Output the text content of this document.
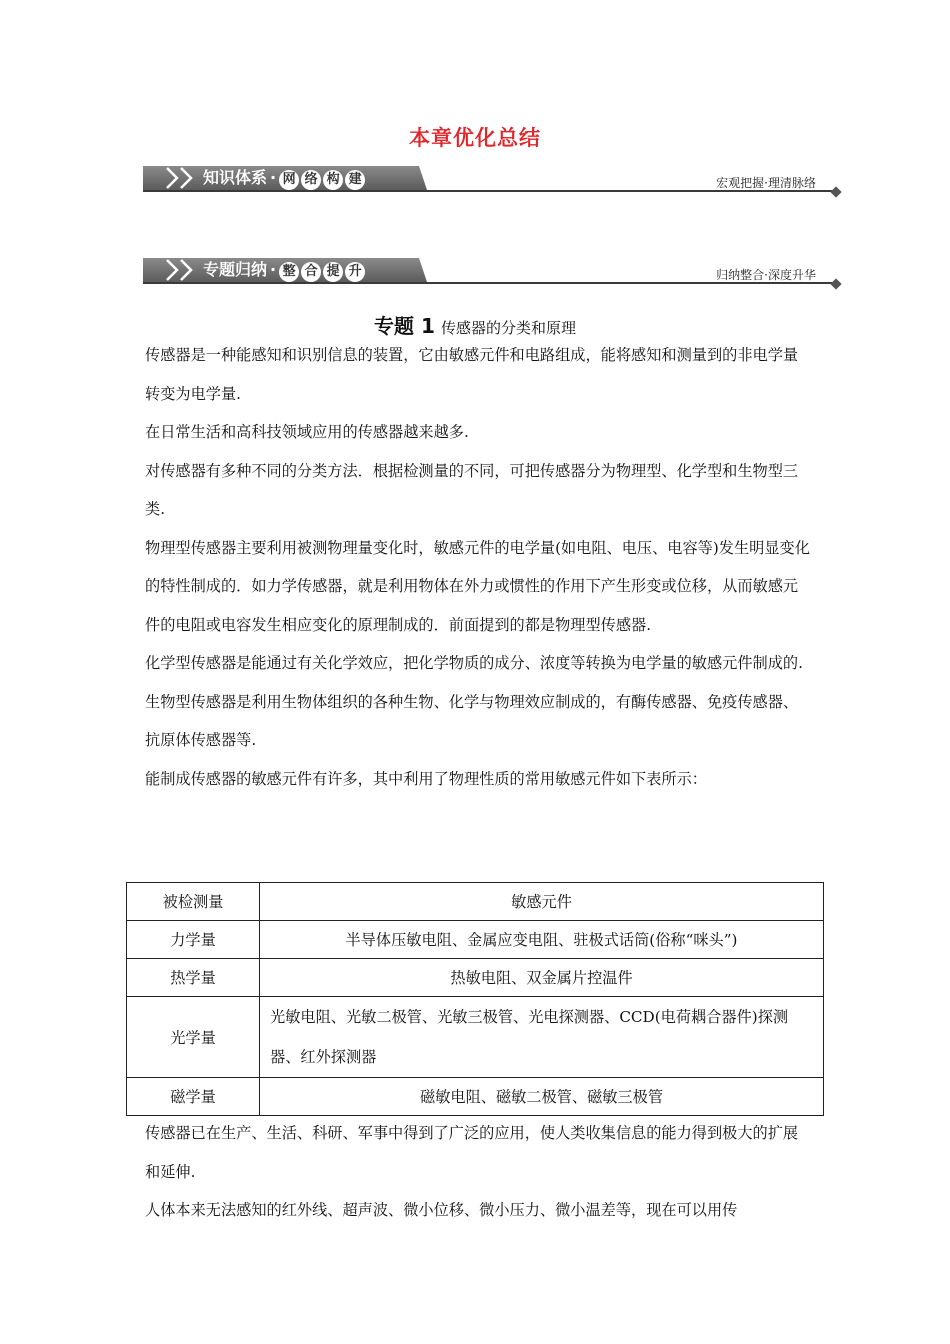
本章优化总结
知识体系 · 网 络 构 建	宏观把握·理清脉络
专题归纳 · 整 合 提 升	归纳整合·深度升华
专题 1 传感器的分类和原理

传感器是一种能感知和识别信息的装置，它由敏感元件和电路组成，能将感知和测量到的非电学量转变为电学量.

在日常生活和高科技领域应用的传感器越来越多.

对传感器有多种不同的分类方法．根据检测量的不同，可把传感器分为物理型、化学型和生物型三类.

物理型传感器主要利用被测物理量变化时，敏感元件的电学量(如电阻、电压、电容等)发生明显变化的特性制成的．如力学传感器，就是利用物体在外力或惯性的作用下产生形变或位移，从而敏感元件的电阻或电容发生相应变化的原理制成的．前面提到的都是物理型传感器.

化学型传感器是能通过有关化学效应，把化学物质的成分、浓度等转换为电学量的敏感元件制成的.

生物型传感器是利用生物体组织的各种生物、化学与物理效应制成的，有酶传感器、免疫传感器、抗原体传感器等.

能制成传感器的敏感元件有许多，其中利用了物理性质的常用敏感元件如下表所示：

被检测量	敏感元件
力学量	半导体压敏电阻、金属应变电阻、驻极式话筒(俗称“咪头”)
热学量	热敏电阻、双金属片控温件
光学量	光敏电阻、光敏二极管、光敏三极管、光电探测器、CCD(电荷耦合器件)探测器、红外探测器
磁学量	磁敏电阻、磁敏二极管、磁敏三极管

传感器已在生产、生活、科研、军事中得到了广泛的应用，使人类收集信息的能力得到极大的扩展和延伸.

人体本来无法感知的红外线、超声波、微小位移、微小压力、微小温差等，现在可以用传
